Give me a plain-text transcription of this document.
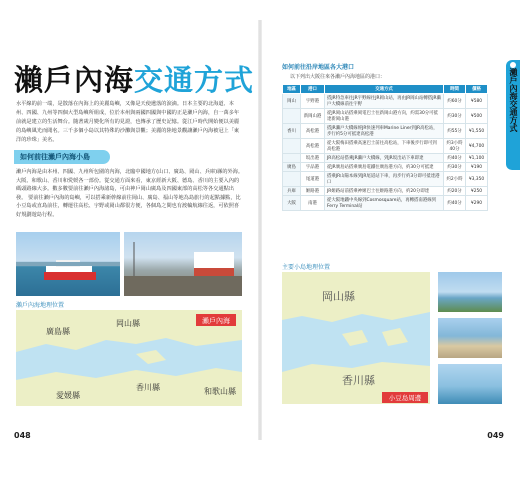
瀨戶內海交通方式
水平線的前一端，是散落在內海上的美麗島嶼，又像是天使遺落的淚滴。日本主要的北海道、本州、四國、九州等四個大型島嶼所組成，位於本州與兩國四國與中國的正是瀨戶內海，自一萬多年前就是建立的生活舞台。隨著歲月變化所有的見證，也傳承了歷史記憶。從江戶時代開始便以美麗的島嶼風光而聞名。三千多個小島以其特殊的沙灘與景觀；美麗的陸地景觀讓瀨戶內海被冠上「東洋的珍珠」美名。
如何前往瀨戶內海小島
瀨戶內海是由本州、四國、九州所包圍的內海，北臨中國地方(山口、廣島、岡山、兵庫)縣的外海。大阪、和歌山、香川和愛媛各一部份。從交通方面來看，東京經新大阪、德島、香川的主要入內的碼頭路線大多。數多數要前往瀨戶內海諸島，可由神戶岡山廣島及四國東部的高松等各交通點出發。 要前往瀨戶內海的島嶼，可以搭乘新幹線前往岡山、廣島、福山等地為島旅行的起點據點，比小豆島或直島前往，轉運往高松、宇野或岡山都很方便，各個島之間也有渡輪航線往返，可依照喜好規劃遊島行程。
瀨戶內海地理位置
瀨戶內海
岡山縣
廣島縣
香川縣
愛媛縣	和歌山縣
048
如何前往沿岸地區各大港口
以下列出大阪往來各瀨戶內海地區的港口：
地區	港口	交通方式	時間	價格
岡山	宇野港	搭JR特急車往JR宇野線往JR岡山站，再由JR岡山站轉搭JR瀨戶大橋線前往宇野	約60分	¥580
	新岡山港	從JR岡山站搭乘岡電巴士往新岡山港方向，約需30分可抵達新岡山港	約30分	¥500
香川	高松港	搭JR瀨戶大橋線經JR快速列車Marine Liner到JR高松站，步行約5分可抵達高松港	約55分	¥1,550
	高松港	從大阪梅田搭乘高速巴士前往高松站，下車後步行即可到高松港	約3小時40分	¥4,700
	坂出港	JR高松站搭乘JR瀨戶大橋線，到JR坂出站下車即達	約40分	¥1,100
廣島	宇品港	從JR廣島站搭乘廣島電鐵往廣島港方向，約30分可抵達	約30分	¥190
	尾道港	搭乘JR山陽本線到JR尾道站下車，再步行約3分即可抵達港口	約2小時	¥3,350
兵庫	姬路港	JR姬路站前搭乘神姬巴士往姬路港方向，約20分即達	約20分	¥250
大阪	南港	從大阪地鐵中央線到Cosmosquare站，再轉搭南港線到Ferry Terminal站	約40分	¥290
主要小島地理位置
岡山縣
香川縣
小豆島周邊
瀨戶內海交通方式
049
